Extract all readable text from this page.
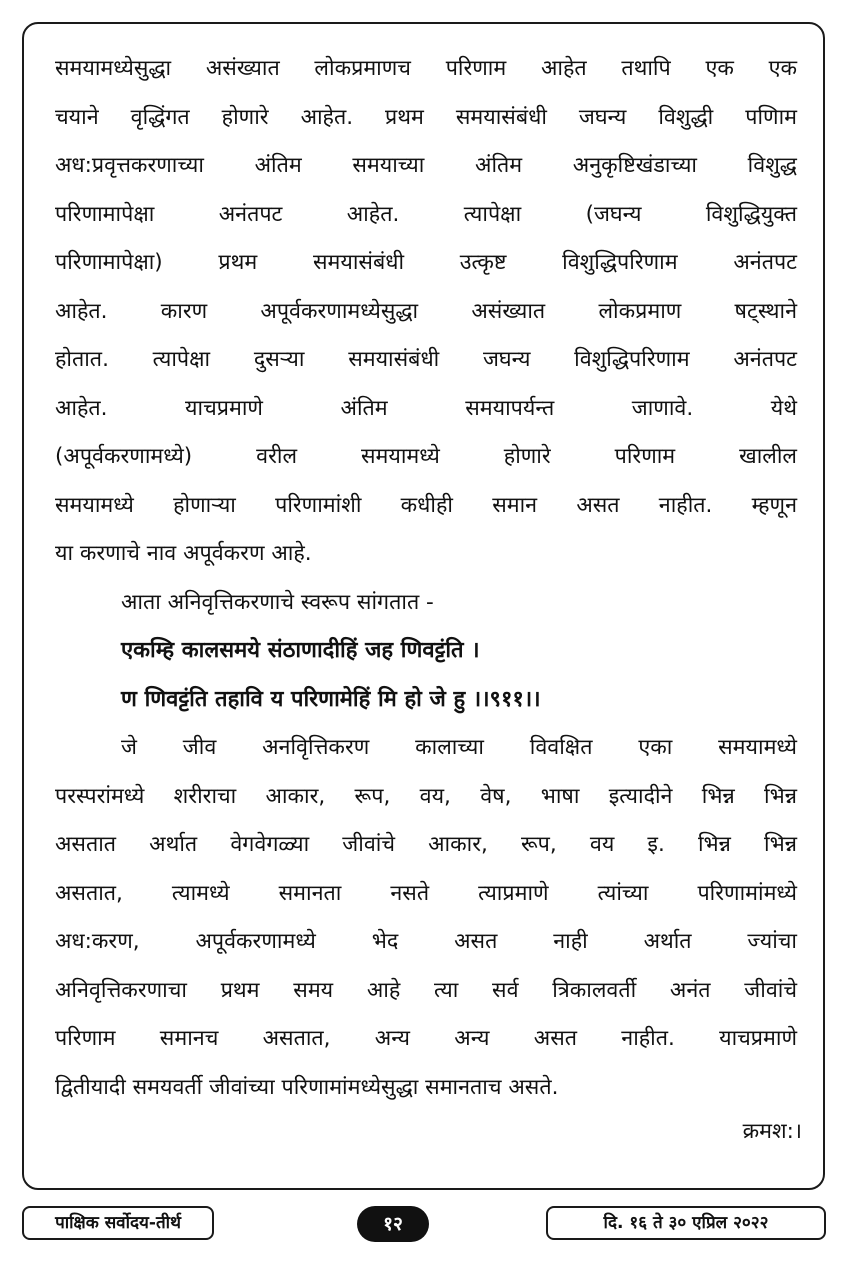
समयामध्येसुद्धा असंख्यात लोकप्रमाणच परिणाम आहेत तथापि एक एक
चयाने वृद्धिंगत होणारे आहेत. प्रथम समयासंबंधी जघन्य विशुद्धी पणिाम
अध:प्रवृत्तकरणाच्या अंतिम समयाच्या अंतिम अनुकृष्टिखंडाच्या विशुद्ध
परिणामापेक्षा अनंतपट आहेत. त्यापेक्षा (जघन्य विशुद्धियुक्त
परिणामापेक्षा) प्रथम समयासंबंधी उत्कृष्ट विशुद्धिपरिणाम अनंतपट
आहेत. कारण अपूर्वकरणामध्येसुद्धा असंख्यात लोकप्रमाण षट्स्थाने
होतात. त्यापेक्षा दुसऱ्या समयासंबंधी जघन्य विशुद्धिपरिणाम अनंतपट
आहेत. याचप्रमाणे अंतिम समयापर्यन्त जाणावे. येथे
(अपूर्वकरणामध्ये) वरील समयामध्ये होणारे परिणाम खालील
समयामध्ये होणाऱ्या परिणामांशी कधीही समान असत नाहीत. म्हणून
या करणाचे नाव अपूर्वकरण आहे.
आता अनिवृत्तिकरणाचे स्वरूप सांगतात -
एकम्हि कालसमये संठाणादीहिं जह णिवट्टंति ।
ण णिवट्टंति तहावि य परिणामेहिं मि हो जे हु ।।९११।।
जे जीव अनवृित्तिकरण कालाच्या विवक्षित एका समयामध्ये
परस्परांमध्ये शरीराचा आकार, रूप, वय, वेष, भाषा इत्यादीने भिन्न भिन्न
असतात अर्थात वेगवेगळ्या जीवांचे आकार, रूप, वय इ. भिन्न भिन्न
असतात, त्यामध्ये समानता नसते त्याप्रमाणे त्यांच्या परिणामांमध्ये
अध:करण, अपूर्वकरणामध्ये भेद असत नाही अर्थात ज्यांचा
अनिवृत्तिकरणाचा प्रथम समय आहे त्या सर्व त्रिकालवर्ती अनंत जीवांचे
परिणाम समानच असतात, अन्य अन्य असत नाहीत. याचप्रमाणे
द्वितीयादी समयवर्ती जीवांच्या परिणामांमध्येसुद्धा समानताच असते.
क्रमश:।
पाक्षिक सर्वोदय-तीर्थ	१२	दि. १६ ते ३० एप्रिल २०२२
